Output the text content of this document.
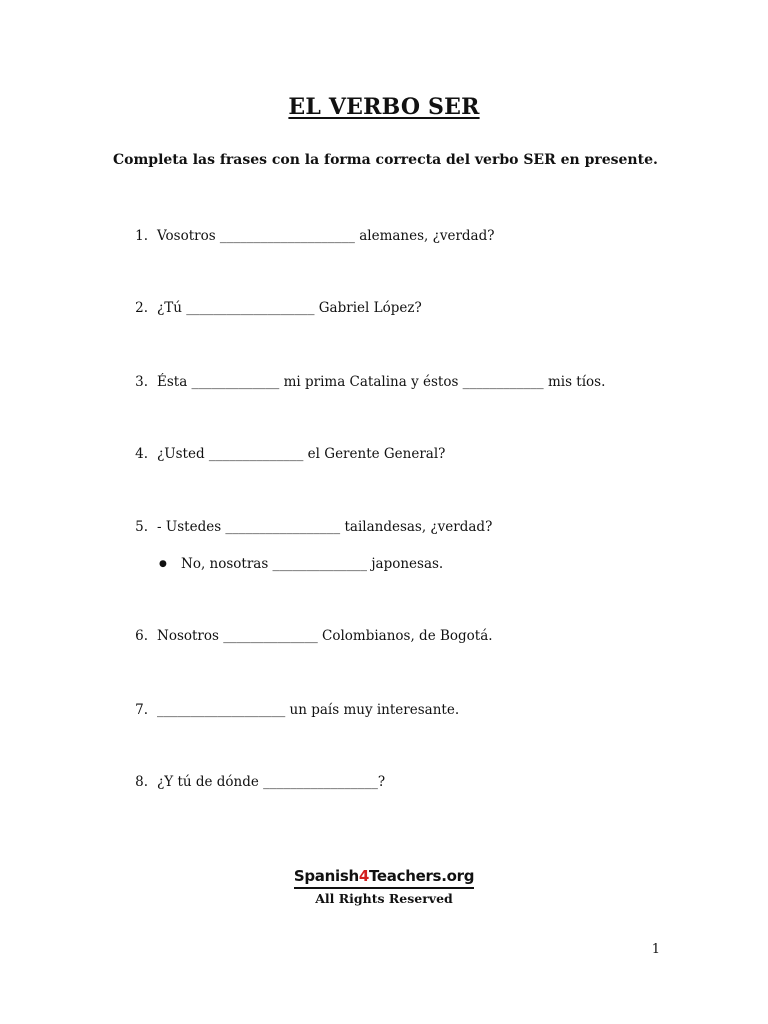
EL VERBO SER
Completa las frases con la forma correcta del verbo SER en presente.
1. Vosotros ____________________ alemanes, ¿verdad?
2. ¿Tú ___________________ Gabriel López?
3. Ésta _____________ mi prima Catalina y éstos ____________ mis tíos.
4. ¿Usted ______________ el Gerente General?
5. - Ustedes _________________ tailandesas, ¿verdad?
● No, nosotras ______________ japonesas.
6. Nosotros ______________ Colombianos, de Bogotá.
7. ___________________ un país muy interesante.
8. ¿Y tú de dónde _________________?
Spanish4Teachers.org
All Rights Reserved
1
